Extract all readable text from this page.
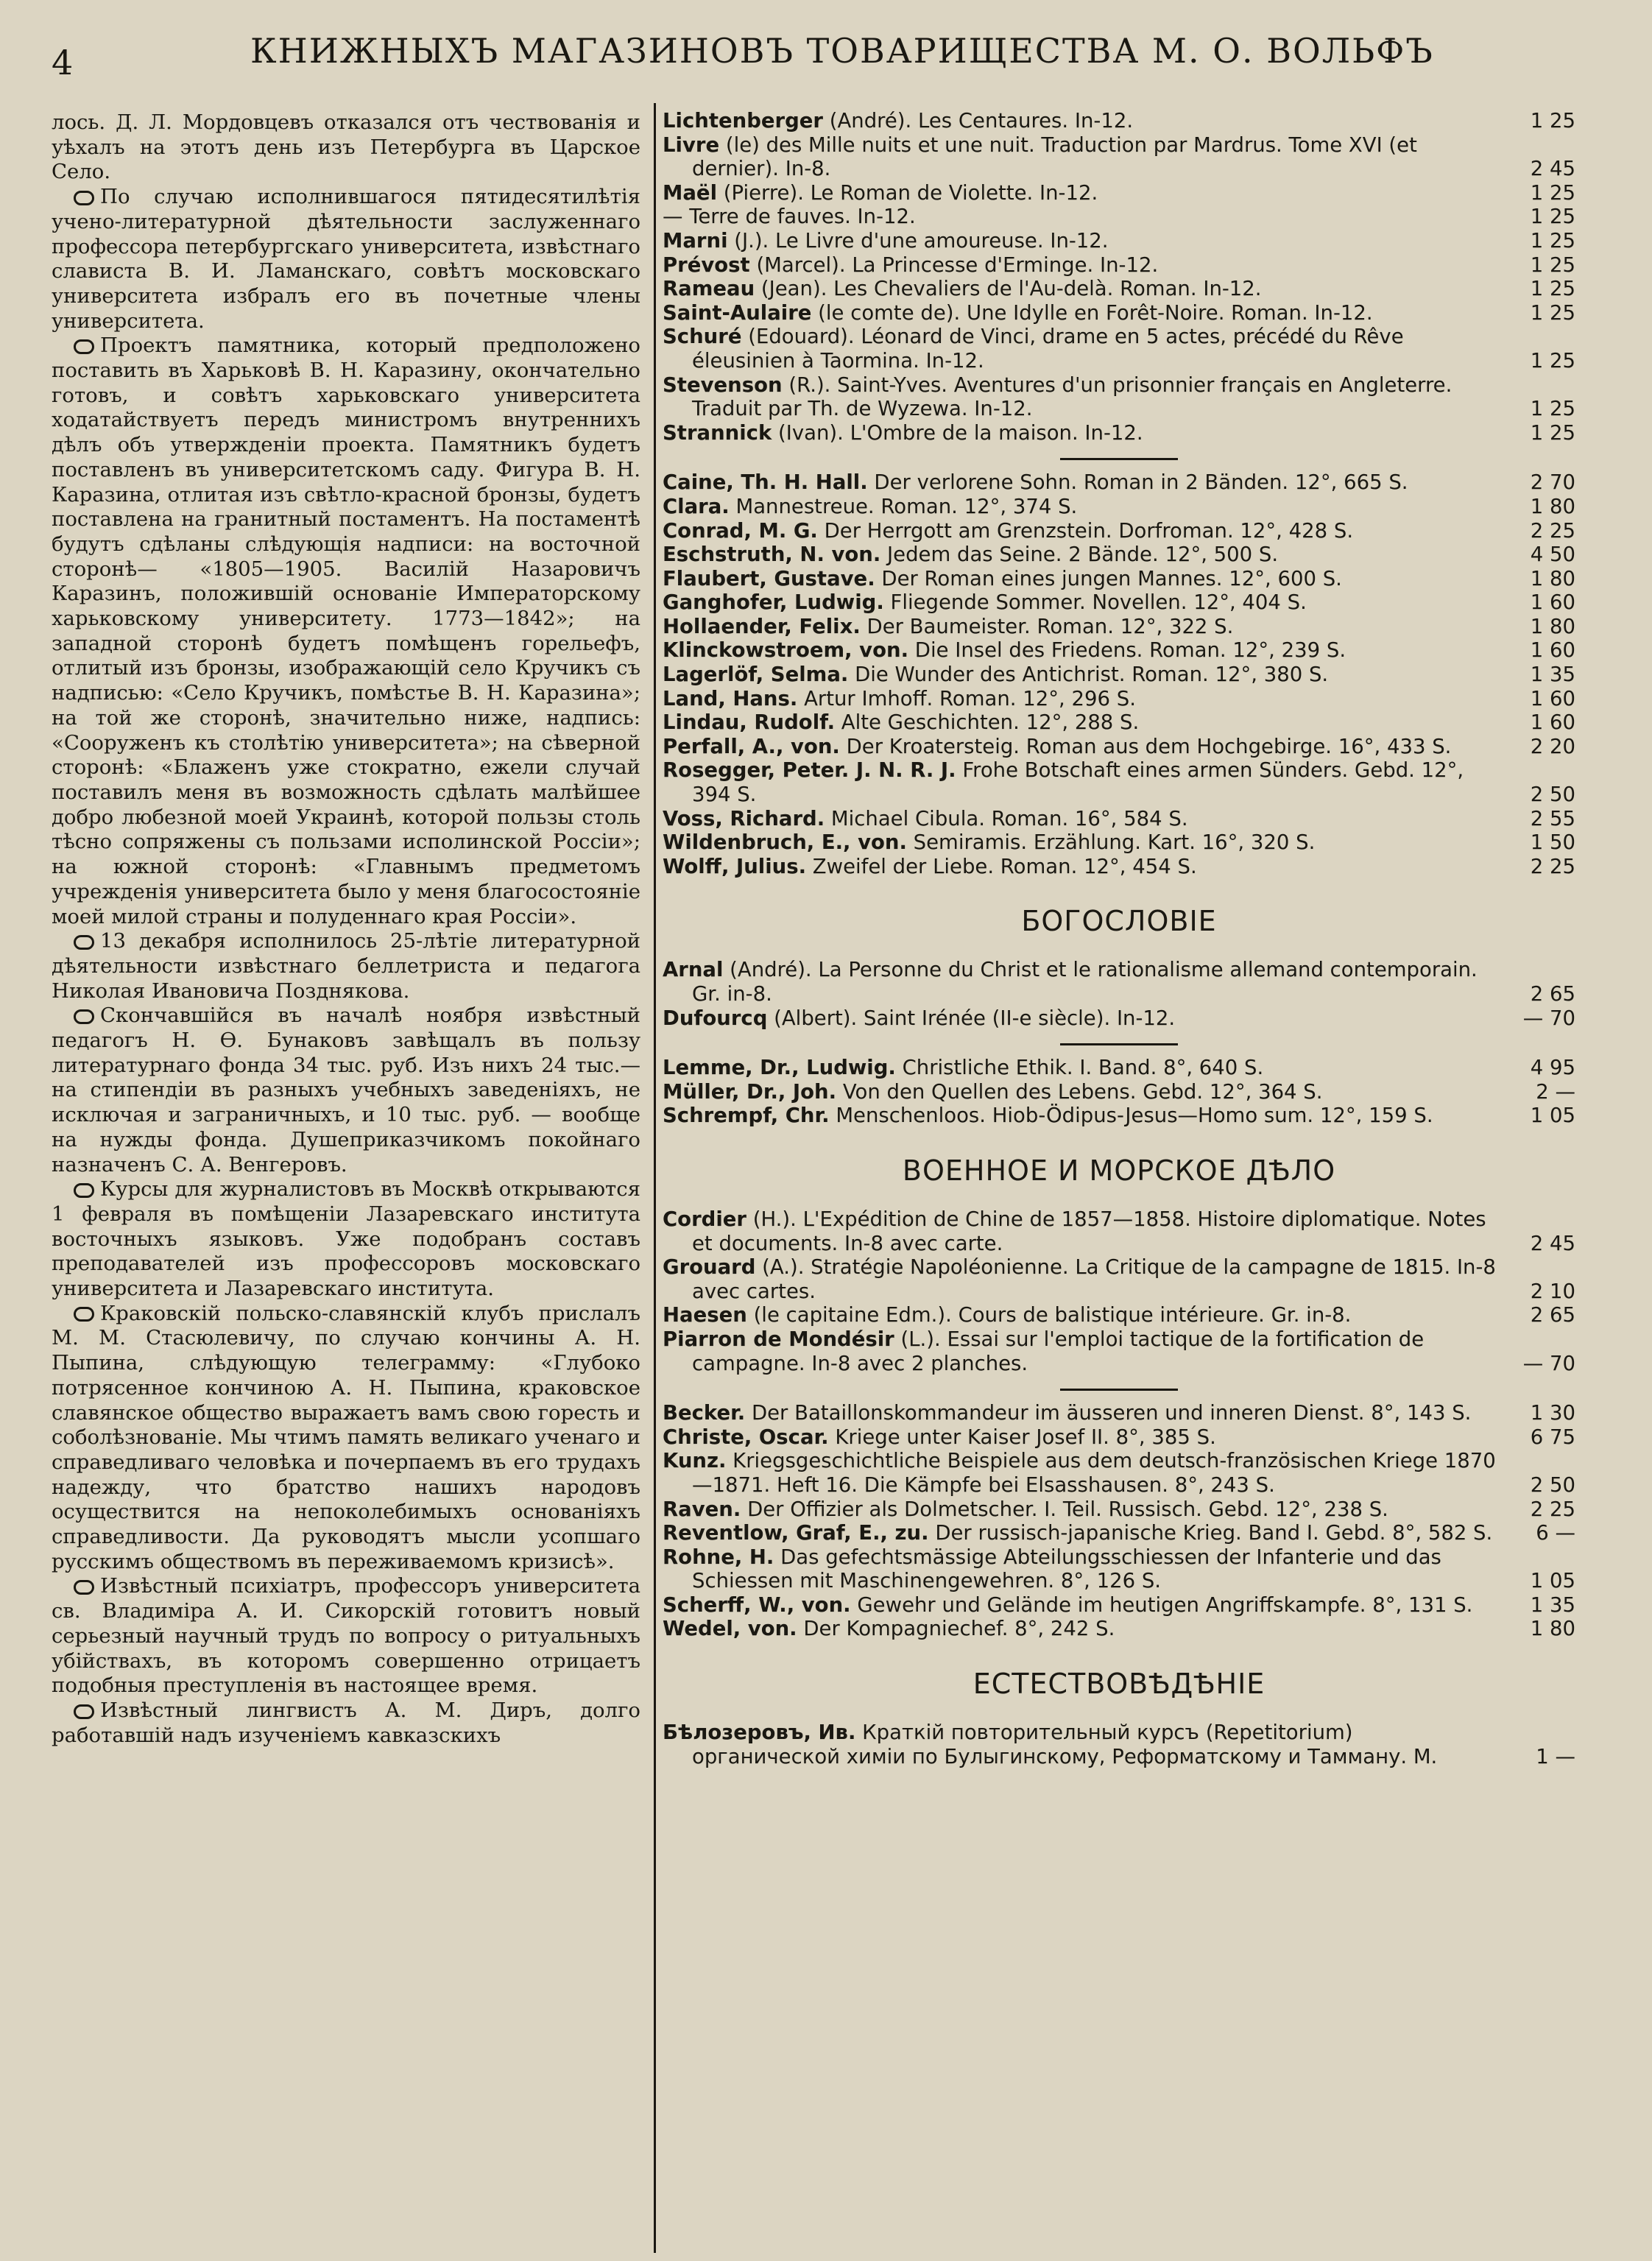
4	КНИЖНЫХЪ МАГАЗИНОВЪ ТОВАРИЩЕСТВА М. О. ВОЛЬФЪ

лось. Д. Л. Мордовцевъ отказался отъ чествованія и уѣхалъ на этотъ день изъ Петербурга въ Царское Село.

По случаю исполнившагося пятидесятилѣтія учено-литературной дѣятельности заслуженнаго профессора петербургскаго университета, извѣстнаго слависта В. И. Ламанскаго, совѣтъ московскаго университета избралъ его въ почетные члены университета.

Проектъ памятника, который предположено поставить въ Харьковѣ В. Н. Каразину, окончательно готовъ, и совѣтъ харьковскаго университета ходатайствуетъ передъ министромъ внутреннихъ дѣлъ объ утвержденіи проекта. Памятникъ будетъ поставленъ въ университетскомъ саду. Фигура В. Н. Каразина, отлитая изъ свѣтло-красной бронзы, будетъ поставлена на гранитный постаментъ. На постаментѣ будутъ сдѣланы слѣдующія надписи: на восточной сторонѣ— «1805—1905. Василій Назаровичъ Каразинъ, положившій основаніе Императорскому харьковскому университету. 1773—1842»; на западной сторонѣ будетъ помѣщенъ горельефъ, отлитый изъ бронзы, изображающій село Кручикъ съ надписью: «Село Кручикъ, помѣстье В. Н. Каразина»; на той же сторонѣ, значительно ниже, надпись: «Сооруженъ къ столѣтію университета»; на сѣверной сторонѣ: «Блаженъ уже стократно, ежели случай поставилъ меня въ возможность сдѣлать малѣйшее добро любезной моей Украинѣ, которой пользы столь тѣсно сопряжены съ пользами исполинской Россіи»; на южной сторонѣ: «Главнымъ предметомъ учрежденія университета было у меня благосостояніе моей милой страны и полуденнаго края Россіи».

13 декабря исполнилось 25-лѣтіе литературной дѣятельности извѣстнаго беллетриста и педагога Николая Ивановича Позднякова.

Скончавшійся въ началѣ ноября извѣстный педагогъ Н. Ѳ. Бунаковъ завѣщалъ въ пользу литературнаго фонда 34 тыс. руб. Изъ нихъ 24 тыс.—на стипендіи въ разныхъ учебныхъ заведеніяхъ, не исключая и заграничныхъ, и 10 тыс. руб. — вообще на нужды фонда. Душеприказчикомъ покойнаго назначенъ С. А. Венгеровъ.

Курсы для журналистовъ въ Москвѣ открываются 1 февраля въ помѣщеніи Лазаревскаго института восточныхъ языковъ. Уже подобранъ составъ преподавателей изъ профессоровъ московскаго университета и Лазаревскаго института.

Краковскій польско-славянскій клубъ прислалъ М. М. Стасюлевичу, по случаю кончины А. Н. Пыпина, слѣдующую телеграмму: «Глубоко потрясенное кончиною А. Н. Пыпина, краковское славянское общество выражаетъ вамъ свою горесть и соболѣзнованіе. Мы чтимъ память великаго ученаго и справедливаго человѣка и почерпаемъ въ его трудахъ надежду, что братство нашихъ народовъ осуществится на непоколебимыхъ основаніяхъ справедливости. Да руководятъ мысли усопшаго русскимъ обществомъ въ переживаемомъ кризисѣ».

Извѣстный психіатръ, профессоръ университета св. Владиміра А. И. Сикорскій готовитъ новый серьезный научный трудъ по вопросу о ритуальныхъ убійствахъ, въ которомъ совершенно отрицаетъ подобныя преступленія въ настоящее время.

Извѣстный лингвистъ А. М. Диръ, долго работавшій надъ изученіемъ кавказскихъ

Lichtenberger (André). Les Centaures. In-12.	1 25

Livre (le) des Mille nuits et une nuit. Traduction par Mardrus. Tome XVI (et dernier). In-8.	2 45

Maël (Pierre). Le Roman de Violette. In-12.	1 25

— Terre de fauves. In-12.	1 25

Marni (J.). Le Livre d'une amoureuse. In-12.	1 25

Prévost (Marcel). La Princesse d'Erminge. In-12.	1 25

Rameau (Jean). Les Chevaliers de l'Au-delà. Roman. In-12.	1 25

Saint-Aulaire (le comte de). Une Idylle en Forêt-Noire. Roman. In-12.	1 25

Schuré (Edouard). Léonard de Vinci, drame en 5 actes, précédé du Rêve éleusinien à Taormina. In-12.	1 25

Stevenson (R.). Saint-Yves. Aventures d'un prisonnier français en Angleterre. Traduit par Th. de Wyzewa. In-12.	1 25

Strannick (Ivan). L'Ombre de la maison. In-12.	1 25

Caine, Th. H. Hall. Der verlorene Sohn. Roman in 2 Bänden. 12°, 665 S.	2 70

Clara. Mannestreue. Roman. 12°, 374 S.	1 80

Conrad, M. G. Der Herrgott am Grenzstein. Dorfroman. 12°, 428 S.	2 25

Eschstruth, N. von. Jedem das Seine. 2 Bände. 12°, 500 S.	4 50

Flaubert, Gustave. Der Roman eines jungen Mannes. 12°, 600 S.	1 80

Ganghofer, Ludwig. Fliegende Sommer. Novellen. 12°, 404 S.	1 60

Hollaender, Felix. Der Baumeister. Roman. 12°, 322 S.	1 80

Klinckowstroem, von. Die Insel des Friedens. Roman. 12°, 239 S.	1 60

Lagerlöf, Selma. Die Wunder des Antichrist. Roman. 12°, 380 S.	1 35

Land, Hans. Artur Imhoff. Roman. 12°, 296 S.	1 60

Lindau, Rudolf. Alte Geschichten. 12°, 288 S.	1 60

Perfall, A., von. Der Kroatersteig. Roman aus dem Hochgebirge. 16°, 433 S.	2 20

Rosegger, Peter. J. N. R. J. Frohe Botschaft eines armen Sünders. Gebd. 12°, 394 S.	2 50

Voss, Richard. Michael Cibula. Roman. 16°, 584 S.	2 55

Wildenbruch, E., von. Semiramis. Erzählung. Kart. 16°, 320 S.	1 50

Wolff, Julius. Zweifel der Liebe. Roman. 12°, 454 S.	2 25

БОГОСЛОВІЕ

Arnal (André). La Personne du Christ et le rationalisme allemand contemporain. Gr. in-8.	2 65

Dufourcq (Albert). Saint Irénée (II-e siècle). In-12.	— 70

Lemme, Dr., Ludwig. Christliche Ethik. I. Band. 8°, 640 S.	4 95

Müller, Dr., Joh. Von den Quellen des Lebens. Gebd. 12°, 364 S.	2 —

Schrempf, Chr. Menschenloos. Hiob-Ödipus-Jesus—Homo sum. 12°, 159 S.	1 05

ВОЕННОЕ И МОРСКОЕ ДѢЛО

Cordier (H.). L'Expédition de Chine de 1857—1858. Histoire diplomatique. Notes et documents. In-8 avec carte.	2 45

Grouard (A.). Stratégie Napoléonienne. La Critique de la campagne de 1815. In-8 avec cartes.	2 10

Haesen (le capitaine Edm.). Cours de balistique intérieure. Gr. in-8.	2 65

Piarron de Mondésir (L.). Essai sur l'emploi tactique de la fortification de campagne. In-8 avec 2 planches.	— 70

Becker. Der Bataillonskommandeur im äusseren und inneren Dienst. 8°, 143 S.	1 30

Christe, Oscar. Kriege unter Kaiser Josef II. 8°, 385 S.	6 75

Kunz. Kriegsgeschichtliche Beispiele aus dem deutsch-französischen Kriege 1870—1871. Heft 16. Die Kämpfe bei Elsasshausen. 8°, 243 S.	2 50

Raven. Der Offizier als Dolmetscher. I. Teil. Russisch. Gebd. 12°, 238 S.	2 25

Reventlow, Graf, E., zu. Der russisch-japanische Krieg. Band I. Gebd. 8°, 582 S.	6 —

Rohne, H. Das gefechtsmässige Abteilungsschiessen der Infanterie und das Schiessen mit Maschinengewehren. 8°, 126 S.	1 05

Scherff, W., von. Gewehr und Gelände im heutigen Angriffskampfe. 8°, 131 S.	1 35

Wedel, von. Der Kompagniechef. 8°, 242 S.	1 80

ЕСТЕСТВОВѢДѢНІЕ

Бѣлозеровъ, Ив. Краткій повторительный курсъ (Repetitorium) органической химіи по Булыгинскому, Реформатскому и Тамману. М.	1 —
